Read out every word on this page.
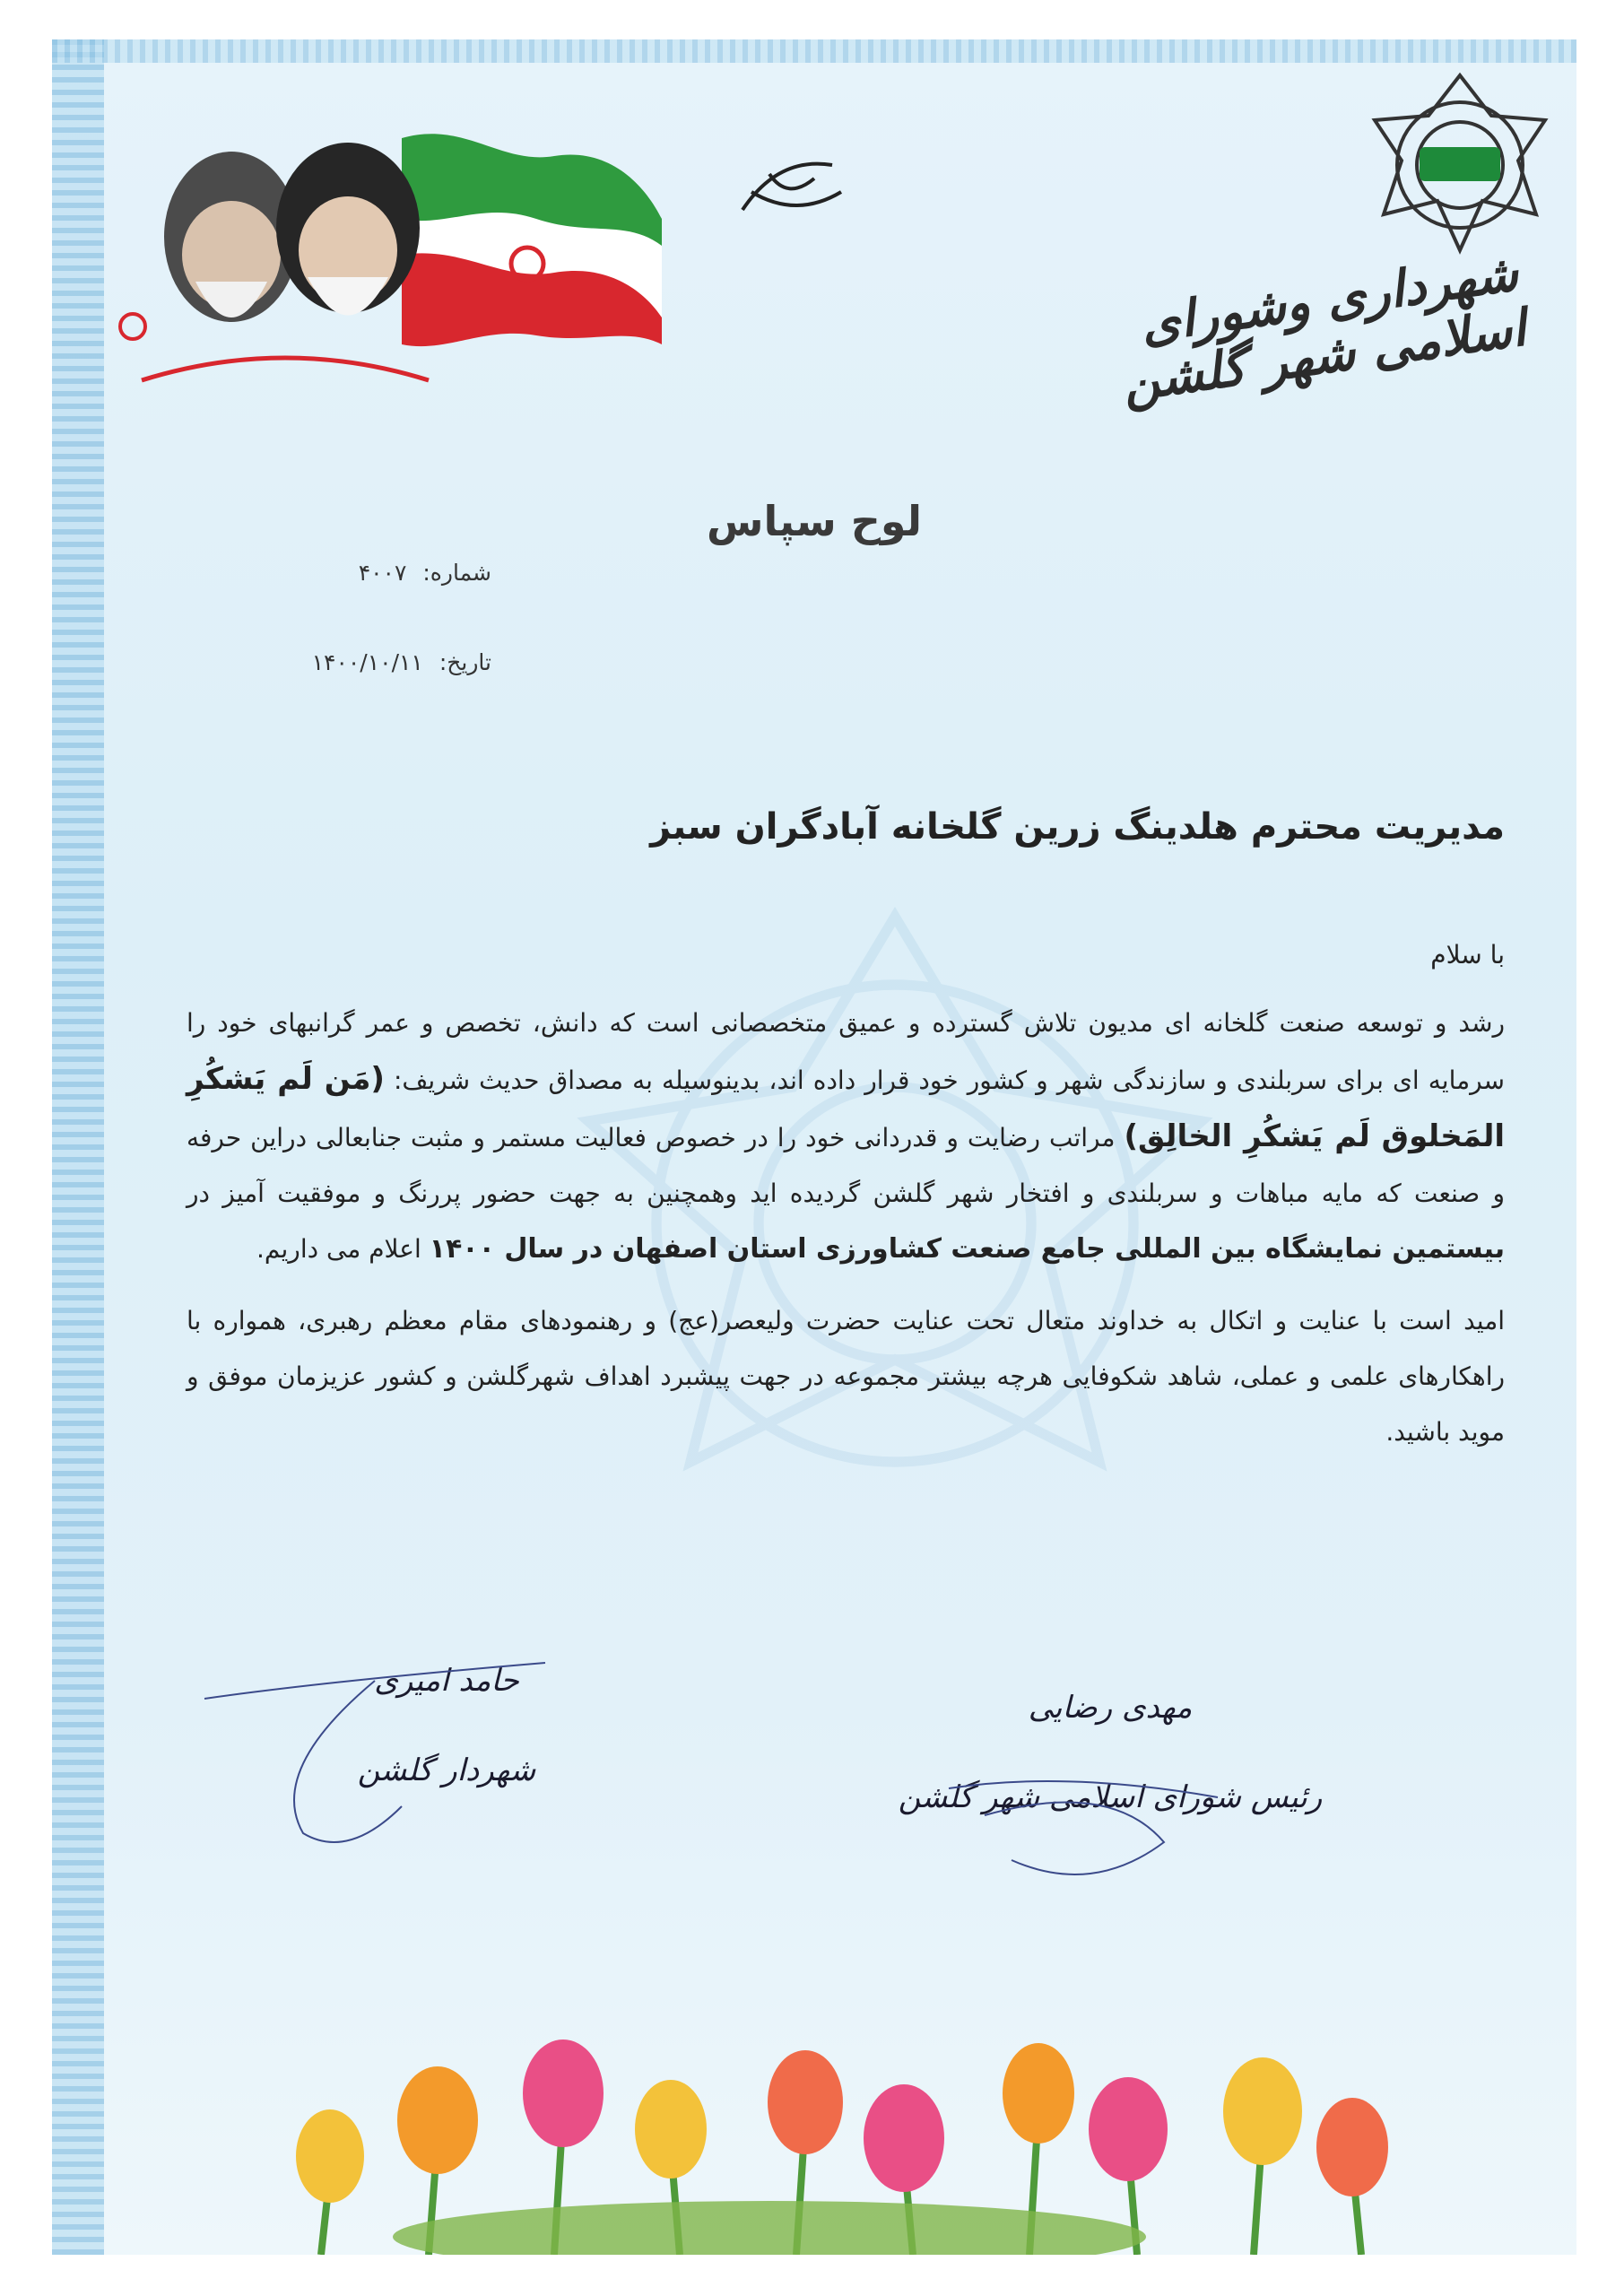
شهرداری وشورای اسلامی شهر گلشن
لوح سپاس
شماره: ۴۰۰۷
تاریخ: ۱۴۰۰/۱۰/۱۱
مدیریت محترم هلدینگ زرین گلخانه آبادگران سبز

با سلام

رشد و توسعه صنعت گلخانه ای مدیون تلاش گسترده و عمیق متخصصانی است که دانش، تخصص و عمر گرانبهای خود را سرمایه ای برای سربلندی و سازندگی شهر و کشور خود قرار داده اند، بدینوسیله به مصداق حدیث شریف: (مَن لَم یَشکُرِ المَخلوق لَم یَشکُرِ الخالِق) مراتب رضایت و قدردانی خود را در خصوص فعالیت مستمر و مثبت جنابعالی دراین حرفه و صنعت که مایه مباهات و سربلندی و افتخار شهر گلشن گردیده اید وهمچنین به جهت حضور پررنگ و موفقیت آمیز در بیستمین نمایشگاه بین المللی جامع صنعت کشاورزی استان اصفهان در سال ۱۴۰۰ اعلام می داریم.

امید است با عنایت و اتکال به خداوند متعال تحت عنایت حضرت ولیعصر(عج) و رهنمودهای مقام معظم رهبری، همواره با راهکارهای علمی و عملی، شاهد شکوفایی هرچه بیشتر مجموعه در جهت پیشبرد اهداف شهرگلشن و کشور عزیزمان موفق و موید باشید.

حامد امیری
شهردار گلشن
مهدی رضایی
رئیس شورای اسلامی شهر گلشن
